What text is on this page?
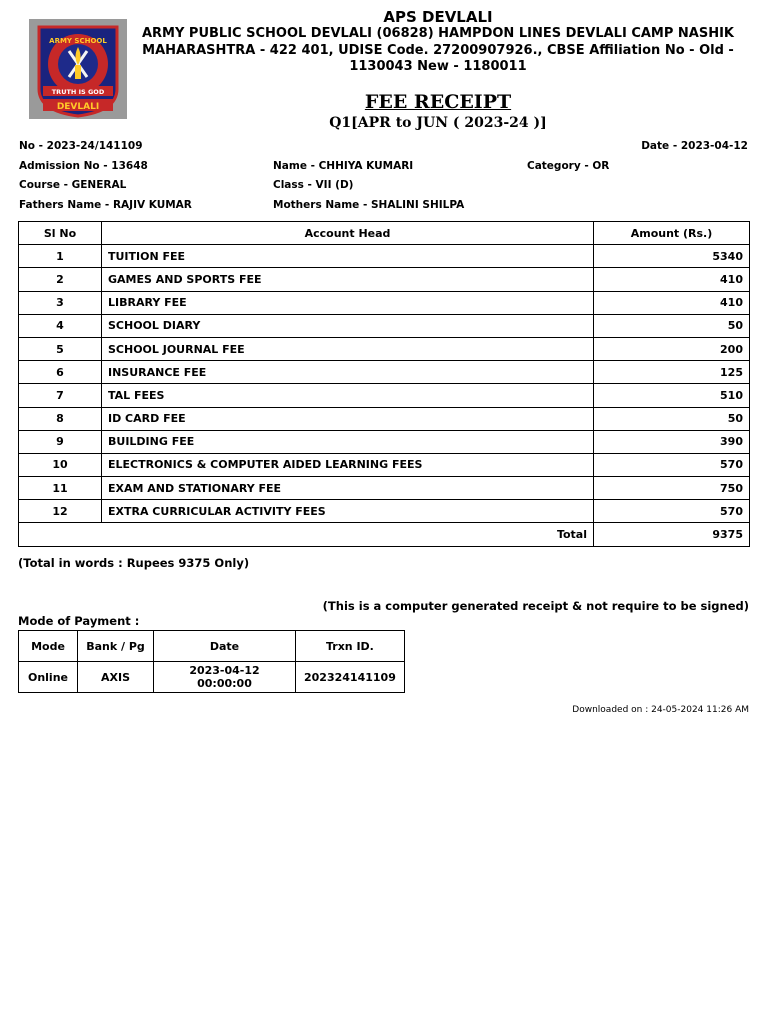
ARMY SCHOOL
TRUTH IS GOD
DEVLALI
APS DEVLALI
ARMY PUBLIC SCHOOL DEVLALI (06828) HAMPDON LINES DEVLALI CAMP NASHIK MAHARASHTRA - 422 401, UDISE Code. 27200907926., CBSE Affiliation No - Old - 1130043 New - 1180011
FEE RECEIPT
Q1[APR to JUN ( 2023-24 )]
No - 2023-24/141109	Date - 2023-04-12
Admission No - 13648	Name - CHHIYA KUMARI	Category - OR
Course - GENERAL	Class - VII (D)
Fathers Name - RAJIV KUMAR	Mothers Name - SHALINI SHILPA
Sl No	Account Head	Amount (Rs.)
1	TUITION FEE	5340
2	GAMES AND SPORTS FEE	410
3	LIBRARY FEE	410
4	SCHOOL DIARY	50
5	SCHOOL JOURNAL FEE	200
6	INSURANCE FEE	125
7	TAL FEES	510
8	ID CARD FEE	50
9	BUILDING FEE	390
10	ELECTRONICS & COMPUTER AIDED LEARNING FEES	570
11	EXAM AND STATIONARY FEE	750
12	EXTRA CURRICULAR ACTIVITY FEES	570
Total		9375
(Total in words : Rupees 9375 Only)
(This is a computer generated receipt & not require to be signed)
Mode of Payment :
Mode	Bank / Pg	Date	Trxn ID.
Online	AXIS	2023-04-12 00:00:00	202324141109
Downloaded on : 24-05-2024 11:26 AM
